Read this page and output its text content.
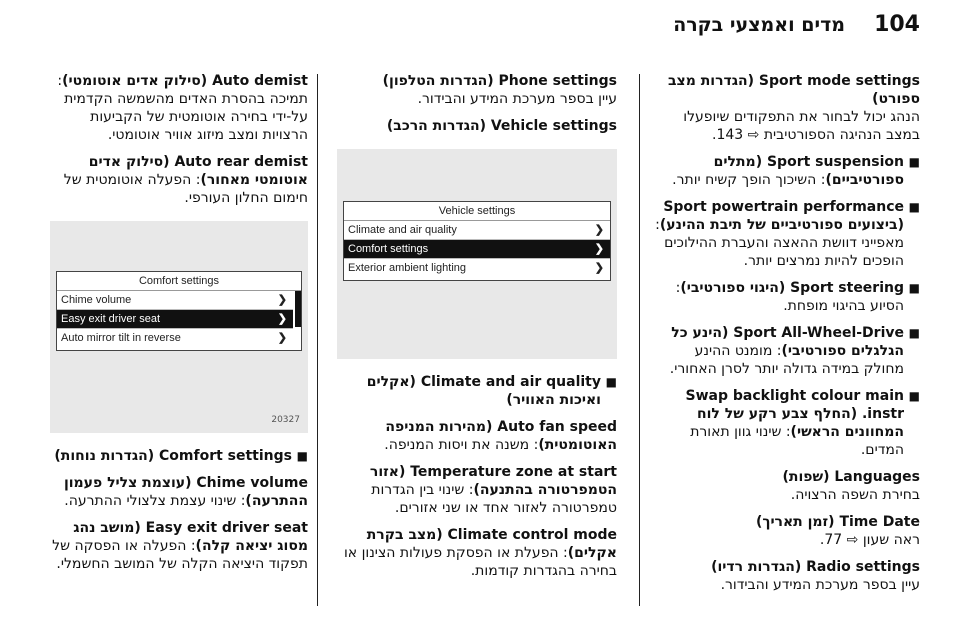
104
מדים ואמצעי בקרה

Sport mode settings (הגדרות מצב ספורט)

הנהג יכול לבחור את התפקודים שיופעלו במצב הנהיגה הספורטיבית ⇨ 143.

■ Sport suspension (מתלים ספורטיביים): השיכוך הופך קשיח יותר.
■ Sport powertrain performance (ביצועים ספורטיביים של תיבת ההינע): מאפייני דוושת ההאצה והעברת ההילוכים הופכים להיות נמרצים יותר.
■ Sport steering (היגוי ספורטיבי): הסיוע בהיגוי מופחת.
■ Sport All-Wheel-Drive (הינע כל הגלגלים ספורטיבי): מומנט ההינע מחולק במידה גדולה יותר לסרן האחורי.
■ Swap backlight colour main instr. (החלף צבע רקע של לוח המחוונים הראשי): שינוי גוון תאורת המדים.

Languages (שפות)

בחירת השפה הרצויה.

Time Date (זמן תאריך)

ראה שעון ⇨ 77.

Radio settings (הגדרות רדיו)

עיין בספר מערכת המידע והבידור.

Phone settings (הגדרות הטלפון)

עיין בספר מערכת המידע והבידור.

Vehicle settings (הגדרות הרכב)

Vehicle settings
Climate and air quality	❯
Comfort settings	❯
Exterior ambient lighting	❯

■ Climate and air quality (אקלים ואיכות האוויר)

Auto fan speed (מהירות המניפה האוטומטית): משנה את ויסות המניפה.
Temperature zone at start (אזור הטמפרטורה בהתנעה): שינוי בין הגדרות טמפרטורה לאזור אחד או שני אזורים.
Climate control mode (מצב בקרת אקלים): הפעלת או הפסקת פעולות הצינון או בחירה בהגדרות קודמות.
Auto demist (סילוק אדים אוטומטי): תמיכה בהסרת האדים מהשמשה הקדמית על-ידי בחירה אוטומטית של הקביעות הרצויות ומצב מיזוג אוויר אוטומטי.
Auto rear demist (סילוק אדים אוטומטי מאחור): הפעלה אוטומטית של חימום החלון העורפי.
Comfort settings
Chime volume	❯
Easy exit driver seat	❯
Auto mirror tilt in reverse	❯
20327

■ Comfort settings (הגדרות נוחות)

Chime volume (עוצמת צליל פעמון ההתרעה): שינוי עצמת צלצולי ההתרעה.
Easy exit driver seat (מושב נהג מסוג יציאה קלה): הפעלה או הפסקה של תפקוד היציאה הקלה של המושב החשמלי.
